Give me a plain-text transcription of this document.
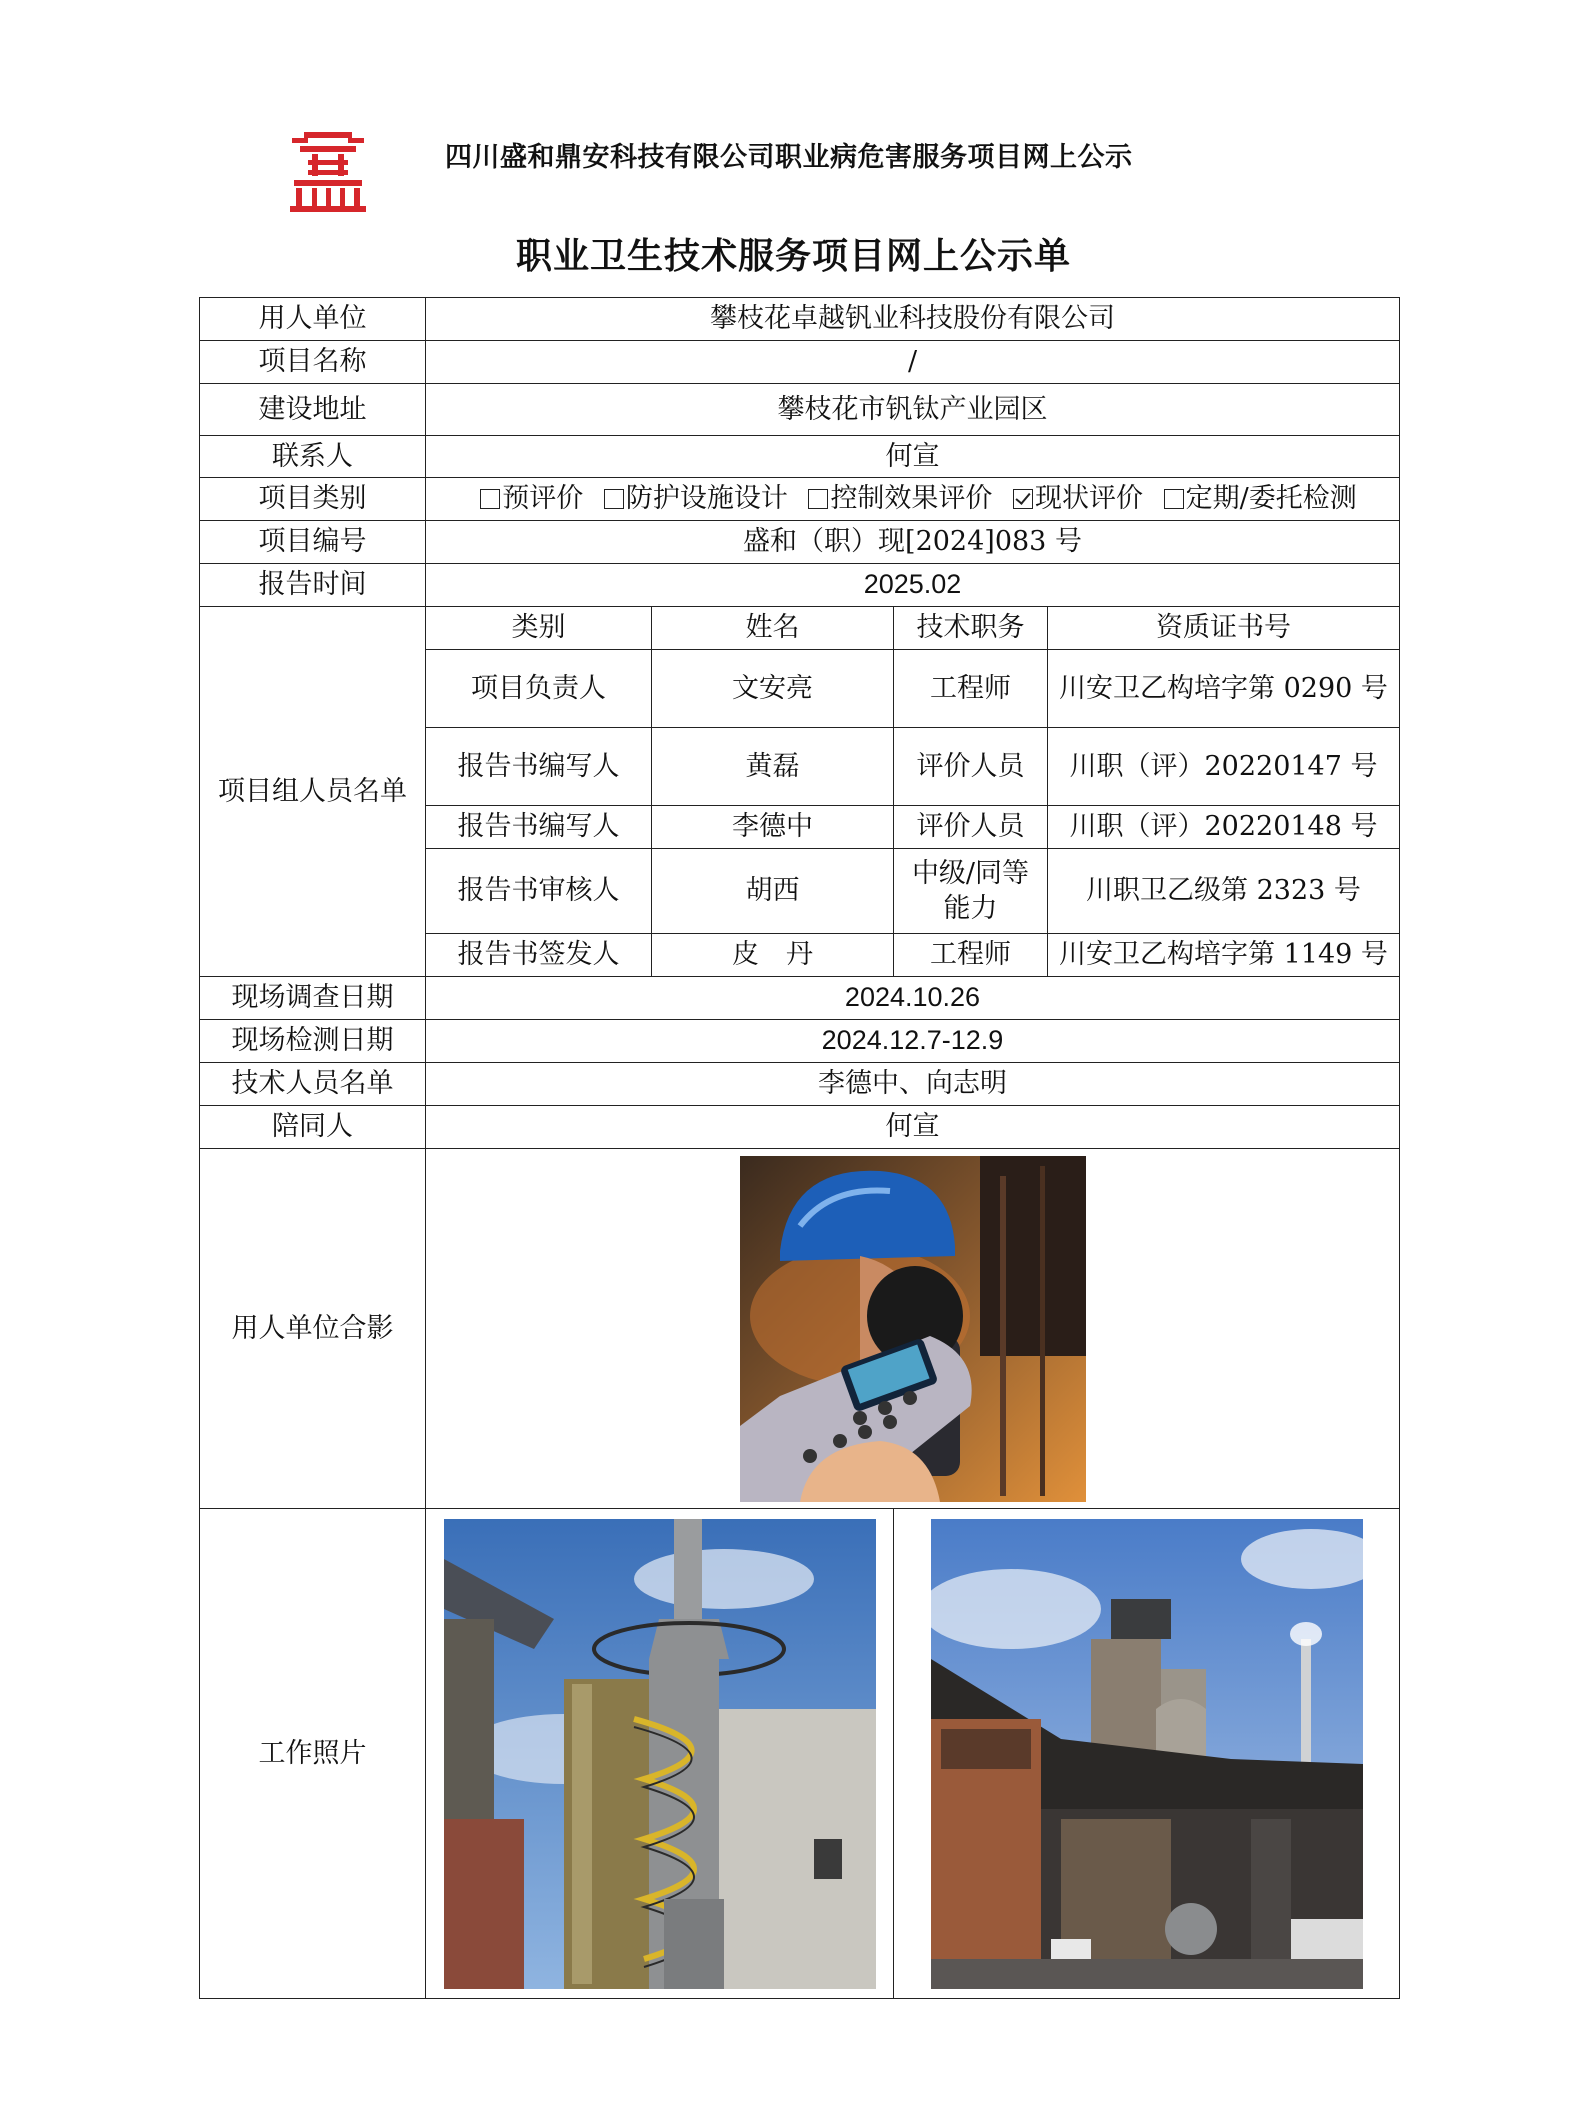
四川盛和鼎安科技有限公司职业病危害服务项目网上公示
职业卫生技术服务项目网上公示单
用人单位	攀枝花卓越钒业科技股份有限公司			
项目名称	/			
建设地址	攀枝花市钒钛产业园区			
联系人	何宣			
项目类别	预评价 防护设施设计 控制效果评价 现状评价 定期/委托检测			
项目编号	盛和（职）现[2024]083 号			
报告时间	2025.02			
项目组人员名单	类别	姓名	技术职务	资质证书号
	项目负责人	文安亮	工程师	川安卫乙构培字第 0290 号
	报告书编写人	黄磊	评价人员	川职（评）20220147 号
	报告书编写人	李德中	评价人员	川职（评）20220148 号
	报告书审核人	胡西	中级/同等能力	川职卫乙级第 2323 号
	报告书签发人	皮　丹	工程师	川安卫乙构培字第 1149 号
现场调查日期	2024.10.26			
现场检测日期	2024.12.7-12.9			
技术人员名单	李德中、向志明			
陪同人	何宣			
用人单位合影	

工作照片	
